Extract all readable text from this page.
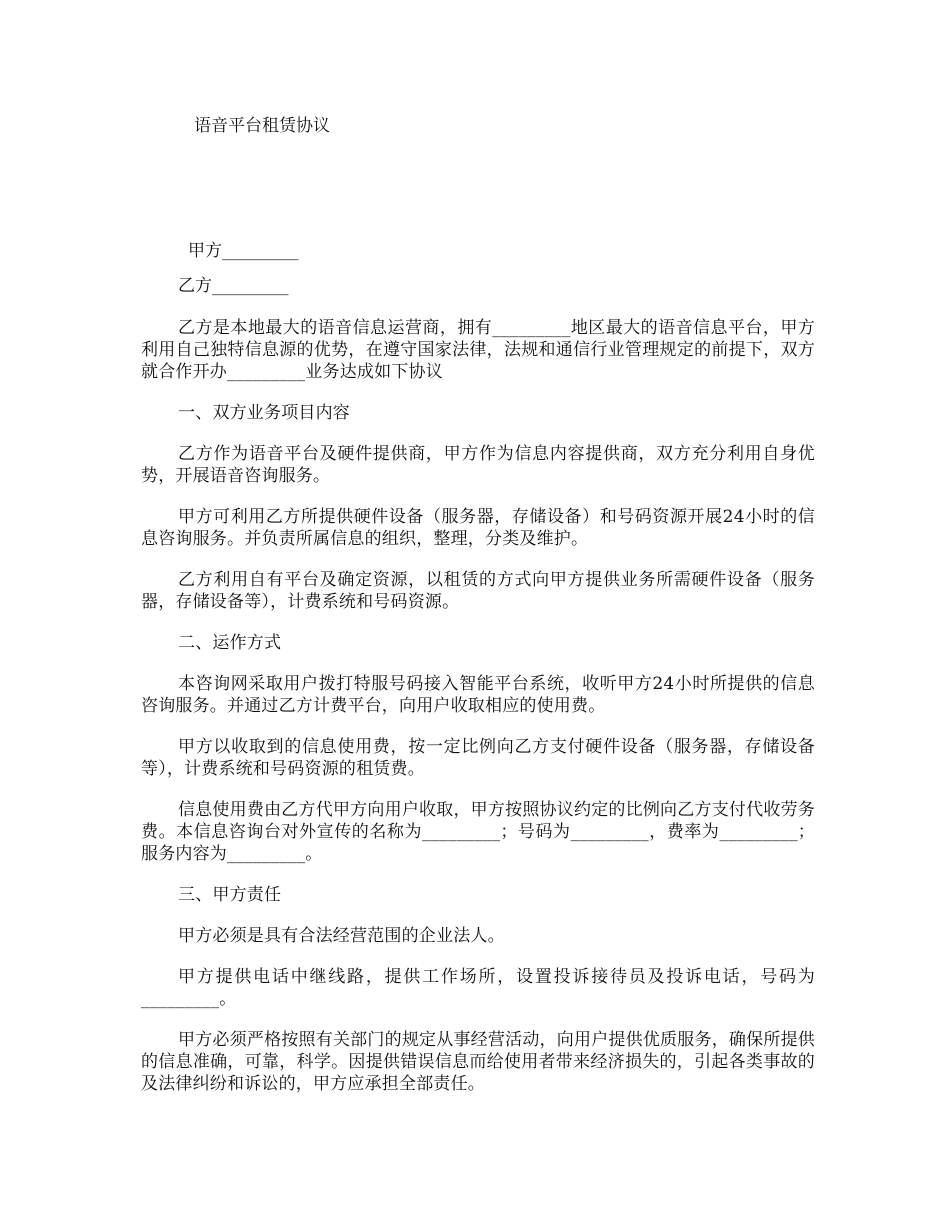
语音平台租赁协议

甲方_________

乙方_________

乙方是本地最大的语音信息运营商，拥有_________地区最大的语音信息平台，甲方利用自己独特信息源的优势，在遵守国家法律，法规和通信行业管理规定的前提下，双方就合作开办_________业务达成如下协议

一、双方业务项目内容

乙方作为语音平台及硬件提供商，甲方作为信息内容提供商，双方充分利用自身优势，开展语音咨询服务。

甲方可利用乙方所提供硬件设备（服务器，存储设备）和号码资源开展24小时的信息咨询服务。并负责所属信息的组织，整理，分类及维护。

乙方利用自有平台及确定资源，以租赁的方式向甲方提供业务所需硬件设备（服务器，存储设备等），计费系统和号码资源。

二、运作方式

本咨询网采取用户拨打特服号码接入智能平台系统，收听甲方24小时所提供的信息咨询服务。并通过乙方计费平台，向用户收取相应的使用费。

甲方以收取到的信息使用费，按一定比例向乙方支付硬件设备（服务器，存储设备等），计费系统和号码资源的租赁费。

信息使用费由乙方代甲方向用户收取，甲方按照协议约定的比例向乙方支付代收劳务费。本信息咨询台对外宣传的名称为_________；号码为_________，费率为_________；服务内容为_________。

三、甲方责任

甲方必须是具有合法经营范围的企业法人。

甲方提供电话中继线路，提供工作场所，设置投诉接待员及投诉电话，号码为_________。

甲方必须严格按照有关部门的规定从事经营活动，向用户提供优质服务，确保所提供的信息准确，可靠，科学。因提供错误信息而给使用者带来经济损失的，引起各类事故的及法律纠纷和诉讼的，甲方应承担全部责任。
